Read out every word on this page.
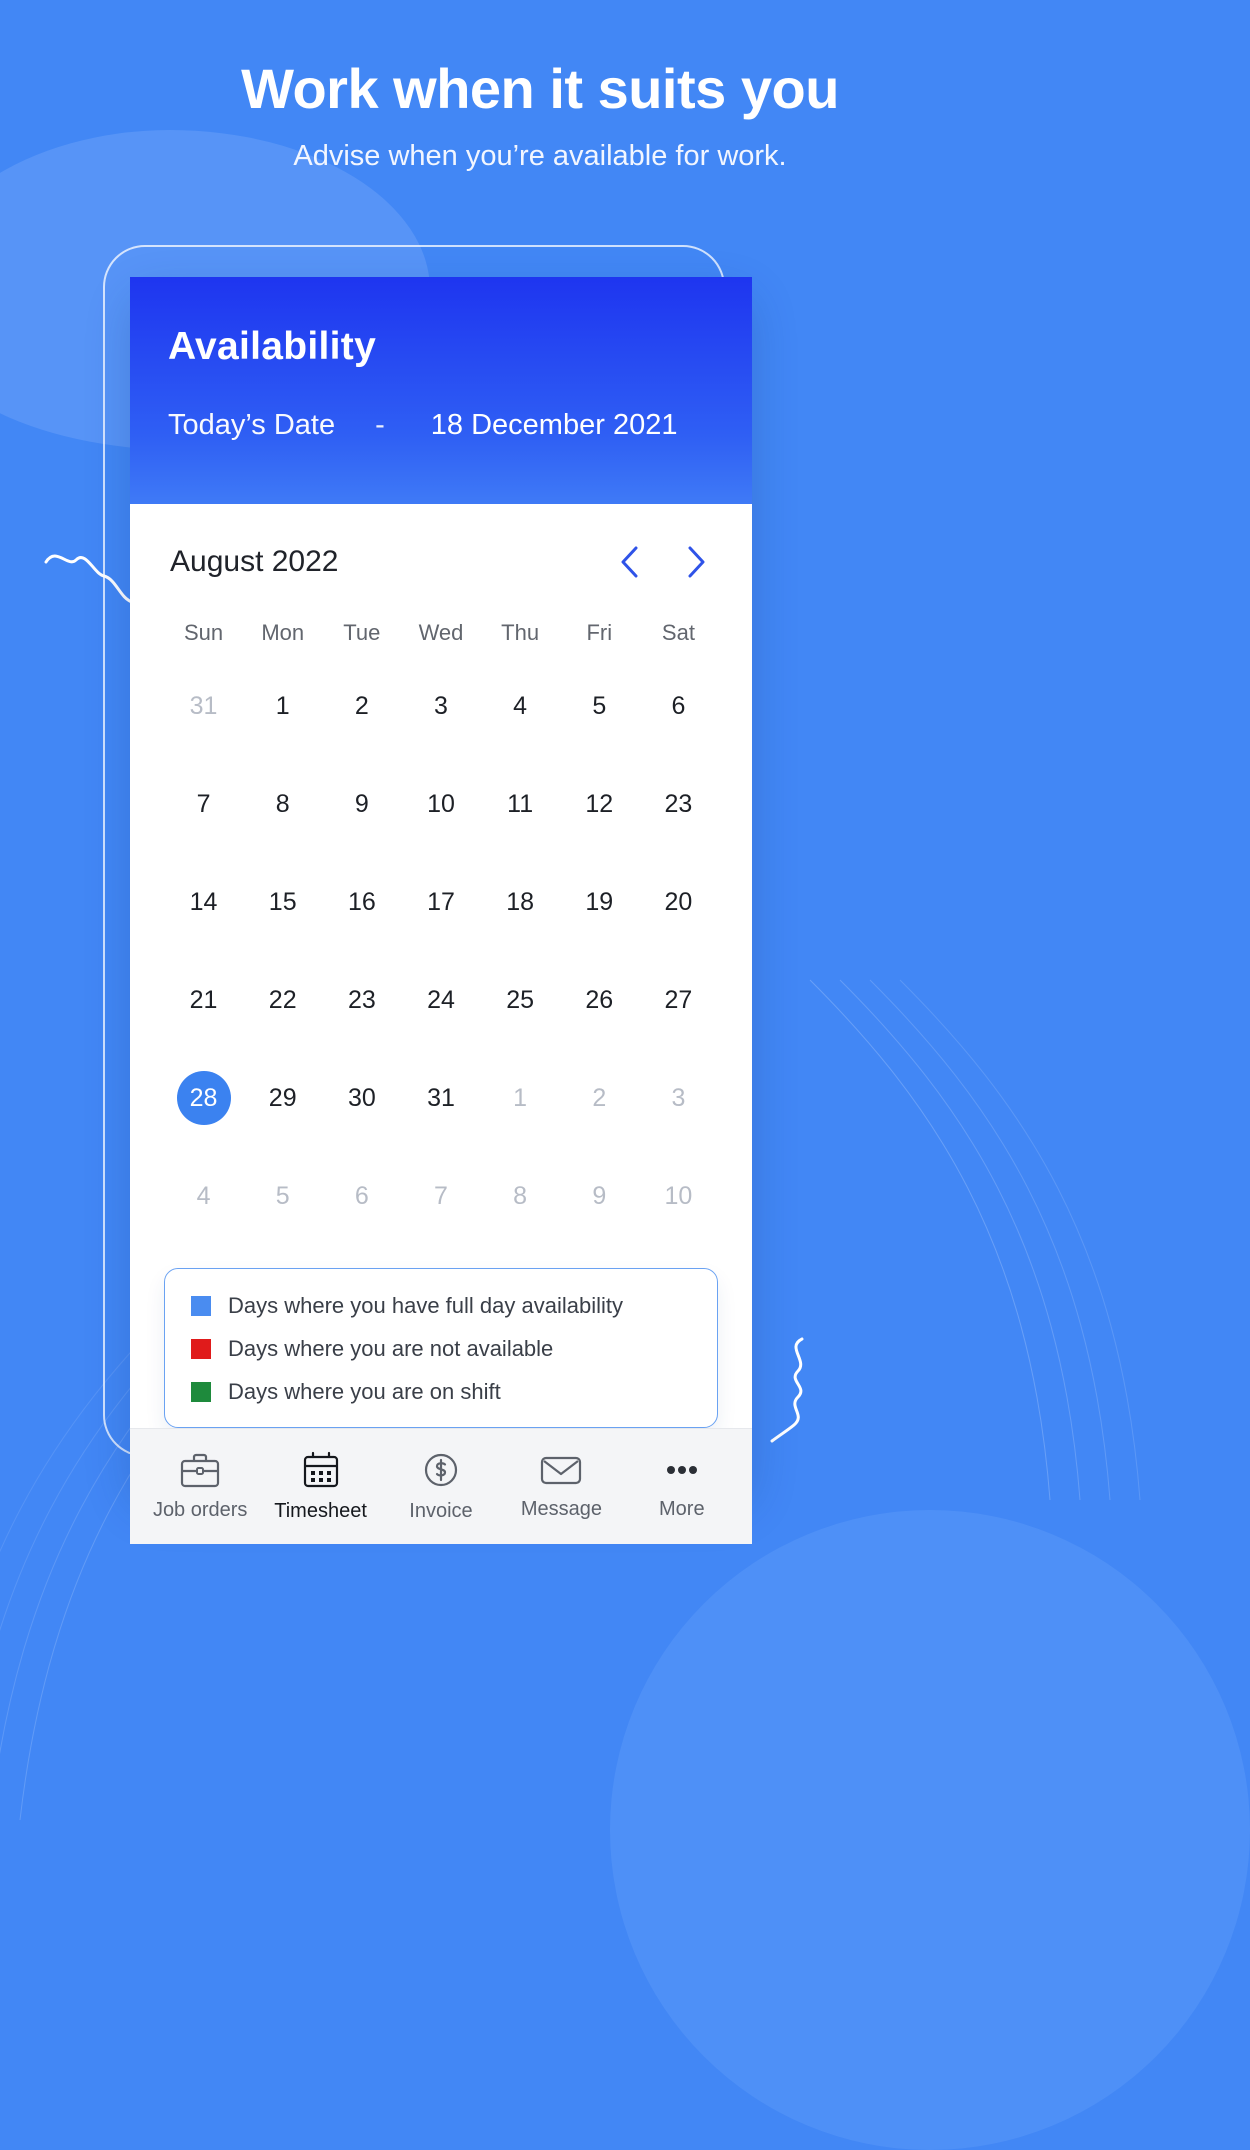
Work when it suits you
Advise when you’re available for work.
Availability
Today’s Date - 18 December 2021
August 2022
Sun	Mon	Tue	Wed	Thu	Fri	Sat
31	1	2	3	4	5	6
7	8	9	10	11	12	23
14	15	16	17	18	19	20
21	22	23	24	25	26	27
28	29	30	31	1	2	3
4	5	6	7	8	9	10
Days where you have full day availability
Days where you are not available
Days where you are on shift
Job orders Timesheet Invoice Message	More
